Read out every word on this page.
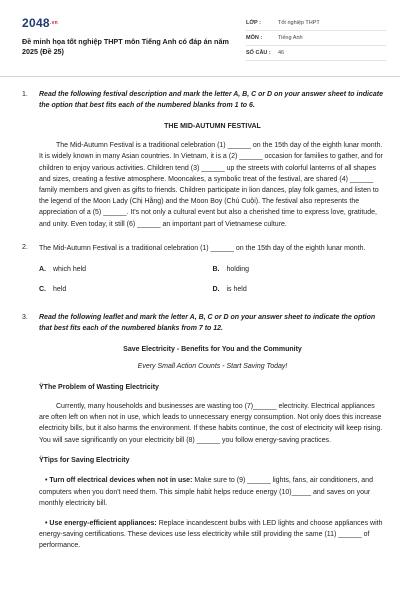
2048.vn
Đề minh họa tốt nghiệp THPT môn Tiếng Anh có đáp án năm 2025 (Đề 25)
LỚP :	Tốt nghiệp THPT
MÔN :	Tiếng Anh
SỐ CÂU :	46
1.	Read the following festival description and mark the letter A, B, C or D on your answer sheet to indicate the option that best fits each of the numbered blanks from 1 to 6.
THE MID-AUTUMN FESTIVAL
The Mid-Autumn Festival is a traditional celebration (1) ______ on the 15th day of the eighth lunar month. It is widely known in many Asian countries. In Vietnam, it is a (2) ______ occasion for families to gather, and for children to enjoy various activities. Children tend (3) ______ up the streets with colorful lanterns of all shapes and sizes, creating a festive atmosphere. Mooncakes, a symbolic treat of the festival, are shared (4) ______ family members and given as gifts to friends. Children participate in lion dances, play folk games, and listen to the legend of the Moon Lady (Chị Hằng) and the Moon Boy (Chú Cuội). The festival also represents the appreciation of a (5) ______. It's not only a cultural event but also a cherished time to express love, gratitude, and unity. Even today, it still (6) ______ an important part of Vietnamese culture.
2.	The Mid-Autumn Festival is a traditional celebration (1) ______ on the 15th day of the eighth lunar month.
A.	which held	B.	holding
C.	held	D.	is held
3.	Read the following leaflet and mark the letter A, B, C or D on your answer sheet to indicate the option that best fits each of the numbered blanks from 7 to 12.
Save Electricity - Benefits for You and the Community
Every Small Action Counts - Start Saving Today!
ŸThe Problem of Wasting Electricity
Currently, many households and businesses are wasting too (7)______ electricity. Electrical appliances are often left on when not in use, which leads to unnecessary energy consumption. Not only does this increase electricity bills, but it also harms the environment. If these habits continue, the cost of electricity will keep rising. You will save significantly on your electricity bill (8) ______ you follow energy-saving practices.
ŸTips for Saving Electricity
• Turn off electrical devices when not in use: Make sure to (9) ______ lights, fans, air conditioners, and computers when you don't need them. This simple habit helps reduce energy (10)_____ and saves on your monthly electricity bill.
• Use energy-efficient appliances: Replace incandescent bulbs with LED lights and choose appliances with energy-saving certifications. These devices use less electricity while still providing the same (11) ______ of performance.
